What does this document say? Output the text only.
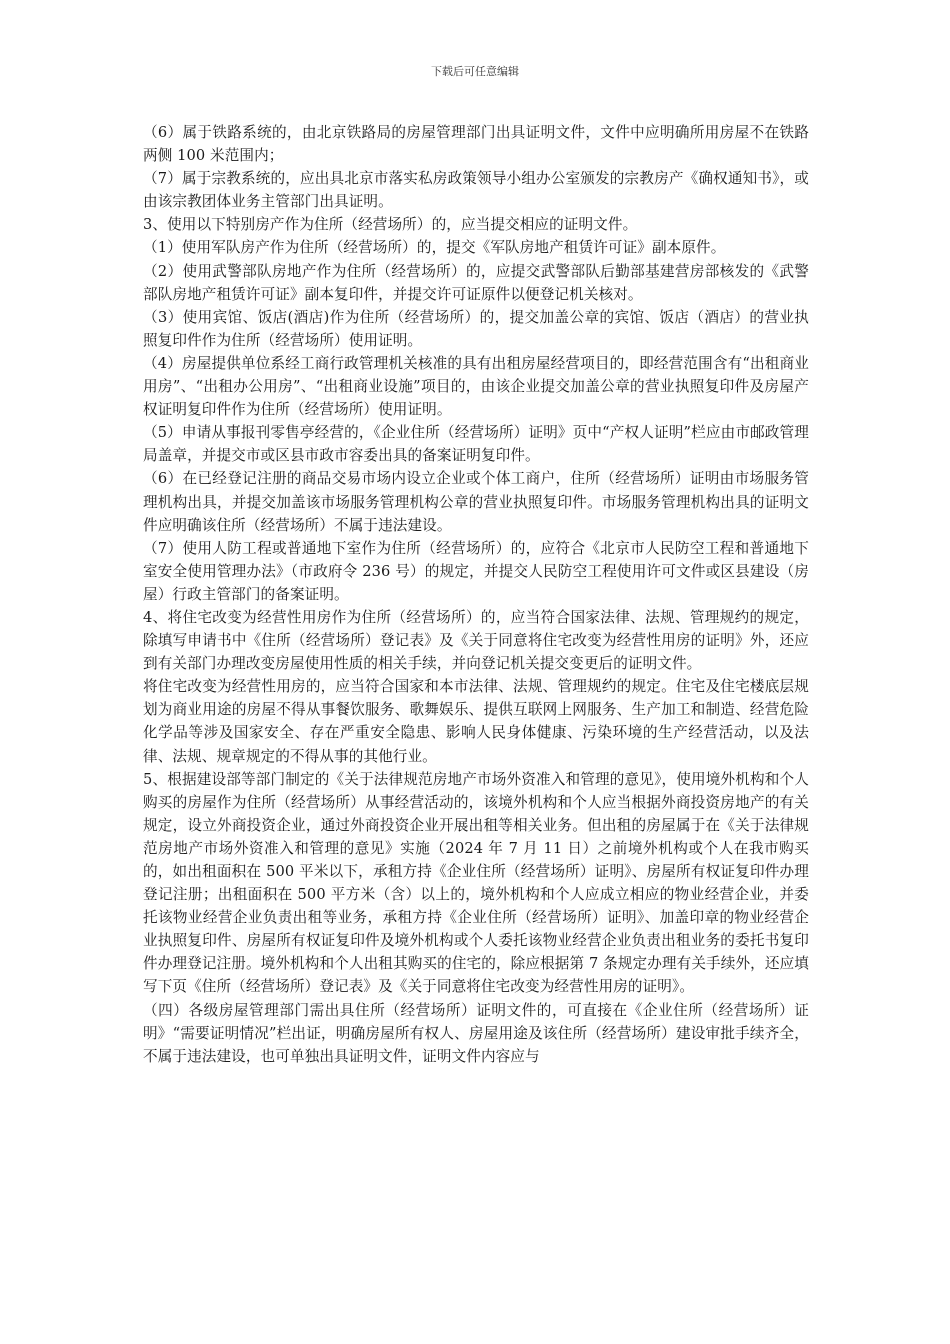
下载后可任意编辑

（6）属于铁路系统的，由北京铁路局的房屋管理部门出具证明文件，文件中应明确所用房屋不在铁路两侧 100 米范围内；

（7）属于宗教系统的，应出具北京市落实私房政策领导小组办公室颁发的宗教房产《确权通知书》，或由该宗教团体业务主管部门出具证明。

3、使用以下特别房产作为住所（经营场所）的，应当提交相应的证明文件。

（1）使用军队房产作为住所（经营场所）的，提交《军队房地产租赁许可证》副本原件。

（2）使用武警部队房地产作为住所（经营场所）的，应提交武警部队后勤部基建营房部核发的《武警部队房地产租赁许可证》副本复印件，并提交许可证原件以便登记机关核对。

（3）使用宾馆、饭店(酒店)作为住所（经营场所）的，提交加盖公章的宾馆、饭店（酒店）的营业执照复印件作为住所（经营场所）使用证明。

（4）房屋提供单位系经工商行政管理机关核准的具有出租房屋经营项目的，即经营范围含有“出租商业用房”、“出租办公用房”、“出租商业设施”项目的，由该企业提交加盖公章的营业执照复印件及房屋产权证明复印件作为住所（经营场所）使用证明。

（5）申请从事报刊零售亭经营的，《企业住所（经营场所）证明》页中“产权人证明”栏应由市邮政管理局盖章，并提交市或区县市政市容委出具的备案证明复印件。

（6）在已经登记注册的商品交易市场内设立企业或个体工商户，住所（经营场所）证明由市场服务管理机构出具，并提交加盖该市场服务管理机构公章的营业执照复印件。市场服务管理机构出具的证明文件应明确该住所（经营场所）不属于违法建设。

（7）使用人防工程或普通地下室作为住所（经营场所）的，应符合《北京市人民防空工程和普通地下室安全使用管理办法》（市政府令 236 号）的规定，并提交人民防空工程使用许可文件或区县建设（房屋）行政主管部门的备案证明。

4、将住宅改变为经营性用房作为住所（经营场所）的，应当符合国家法律、法规、管理规约的规定，除填写申请书中《住所（经营场所）登记表》及《关于同意将住宅改变为经营性用房的证明》外，还应到有关部门办理改变房屋使用性质的相关手续，并向登记机关提交变更后的证明文件。

将住宅改变为经营性用房的，应当符合国家和本市法律、法规、管理规约的规定。住宅及住宅楼底层规划为商业用途的房屋不得从事餐饮服务、歌舞娱乐、提供互联网上网服务、生产加工和制造、经营危险化学品等涉及国家安全、存在严重安全隐患、影响人民身体健康、污染环境的生产经营活动，以及法律、法规、规章规定的不得从事的其他行业。

5、根据建设部等部门制定的《关于法律规范房地产市场外资准入和管理的意见》，使用境外机构和个人购买的房屋作为住所（经营场所）从事经营活动的，该境外机构和个人应当根据外商投资房地产的有关规定，设立外商投资企业，通过外商投资企业开展出租等相关业务。但出租的房屋属于在《关于法律规范房地产市场外资准入和管理的意见》实施（2024 年 7 月 11 日）之前境外机构或个人在我市购买的，如出租面积在 500 平米以下，承租方持《企业住所（经营场所）证明》、房屋所有权证复印件办理登记注册；出租面积在 500 平方米（含）以上的，境外机构和个人应成立相应的物业经营企业，并委托该物业经营企业负责出租等业务，承租方持《企业住所（经营场所）证明》、加盖印章的物业经营企业执照复印件、房屋所有权证复印件及境外机构或个人委托该物业经营企业负责出租业务的委托书复印件办理登记注册。境外机构和个人出租其购买的住宅的，除应根据第 7 条规定办理有关手续外，还应填写下页《住所（经营场所）登记表》及《关于同意将住宅改变为经营性用房的证明》。

（四）各级房屋管理部门需出具住所（经营场所）证明文件的，可直接在《企业住所（经营场所）证明》“需要证明情况”栏出证，明确房屋所有权人、房屋用途及该住所（经营场所）建设审批手续齐全，不属于违法建设，也可单独出具证明文件，证明文件内容应与
